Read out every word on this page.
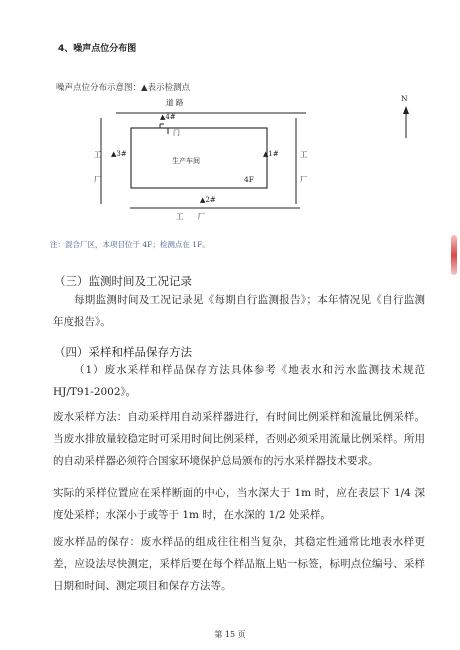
4、噪声点位分布图
噪声点位分布示意图：▲表示检测点
道 路
▲4#
门
▲3#
生产车间
▲1#
4F
▲2#
工
厂
工
厂
工      厂
N
注：混合厂区，本项目位于 4F；检测点在 1F。
（三）监测时间及工况记录
每期监测时间及工况记录见《每期自行监测报告》；本年情况见《自行监测年度报告》。
（四）采样和样品保存方法
（1）废水采样和样品保存方法具体参考《地表水和污水监测技术规范HJ/T91-2002》。
废水采样方法：自动采样用自动采样器进行，有时间比例采样和流量比例采样。当废水排放量较稳定时可采用时间比例采样，否则必须采用流量比例采样。所用的自动采样器必须符合国家环境保护总局颁布的污水采样器技术要求。
实际的采样位置应在采样断面的中心，当水深大于 1m 时，应在表层下 1/4 深度处采样；水深小于或等于 1m 时，在水深的 1/2 处采样。
废水样品的保存：废水样品的组成往往相当复杂，其稳定性通常比地表水样更差，应设法尽快测定，采样后要在每个样品瓶上贴一标签，标明点位编号、采样日期和时间、测定项目和保存方法等。
第 15 页
